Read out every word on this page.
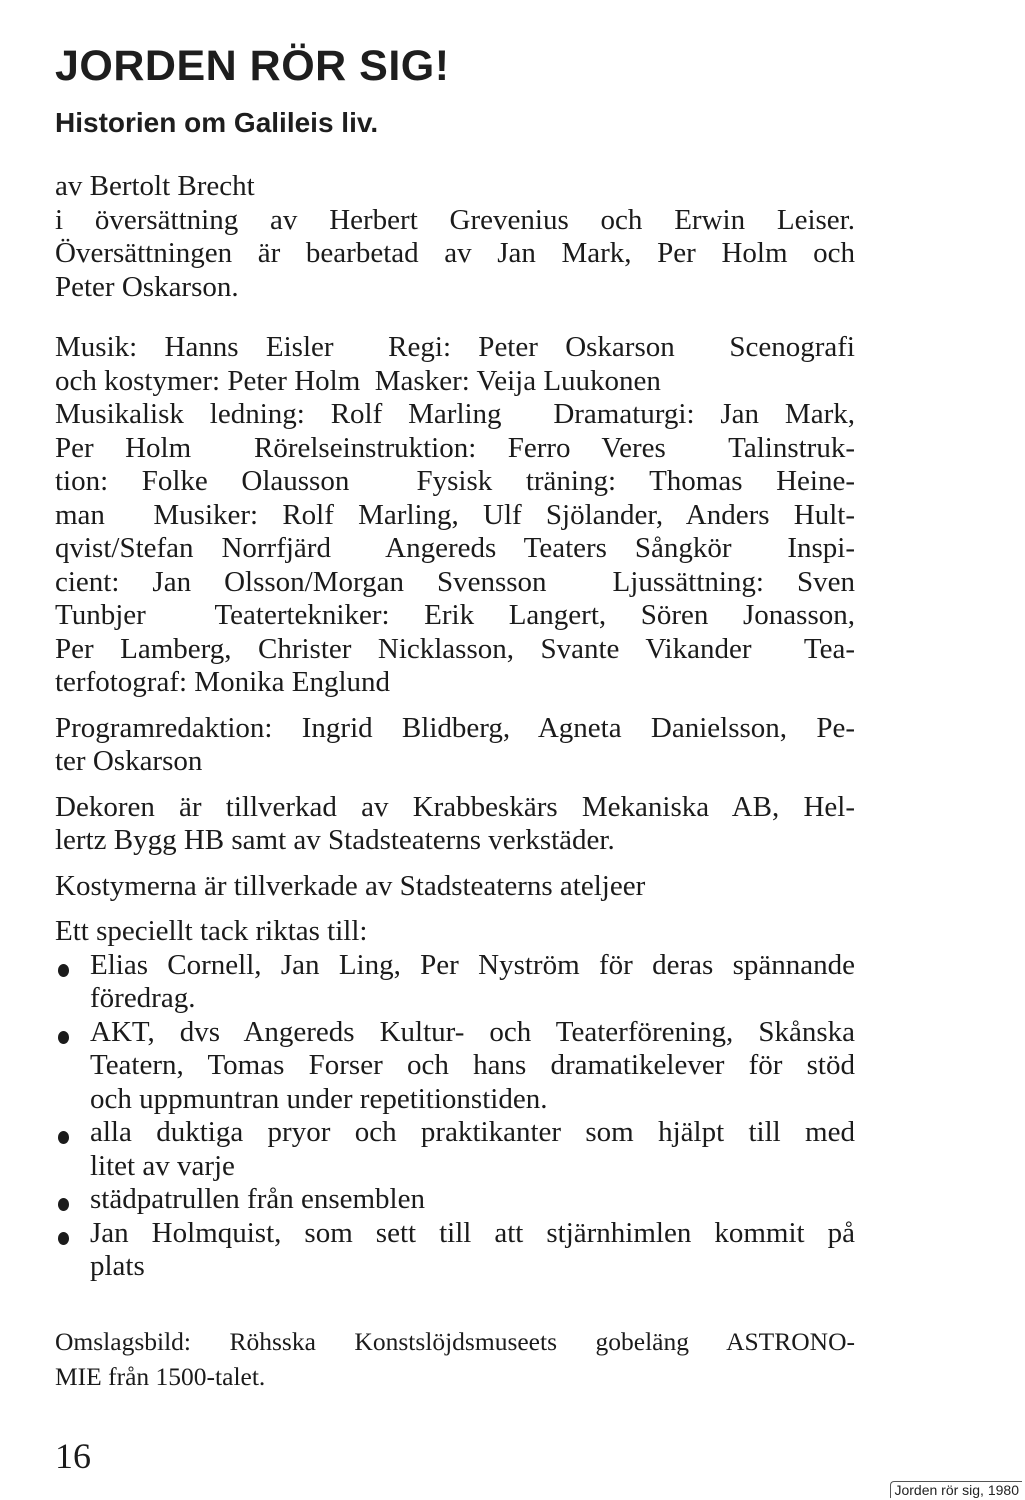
JORDEN RÖR SIG!
Historien om Galileis liv.
av Bertolt Brecht
i översättning av Herbert Grevenius och Erwin Leiser.
Översättningen är bearbetad av Jan Mark, Per Holm och
Peter Oskarson.
Musik: Hanns Eisler  Regi: Peter Oskarson  Scenografi
och kostymer: Peter Holm  Masker: Veija Luukonen
Musikalisk ledning: Rolf Marling  Dramaturgi: Jan Mark,
Per Holm  Rörelseinstruktion: Ferro Veres  Talinstruk-
tion: Folke Olausson  Fysisk träning: Thomas Heine-
man  Musiker: Rolf Marling, Ulf Sjölander, Anders Hult-
qvist/Stefan Norrfjärd  Angereds Teaters Sångkör  Inspi-
cient: Jan Olsson/Morgan Svensson  Ljussättning: Sven
Tunbjer  Teatertekniker: Erik Langert, Sören Jonasson,
Per Lamberg, Christer Nicklasson, Svante Vikander  Tea-
terfotograf: Monika Englund
Programredaktion: Ingrid Blidberg, Agneta Danielsson, Pe-
ter Oskarson
Dekoren är tillverkad av Krabbeskärs Mekaniska AB, Hel-
lertz Bygg HB samt av Stadsteaterns verkstäder.
Kostymerna är tillverkade av Stadsteaterns ateljeer
Ett speciellt tack riktas till:
Elias Cornell, Jan Ling, Per Nyström för deras spännande
föredrag.
AKT, dvs Angereds Kultur- och Teaterförening, Skånska
Teatern, Tomas Forser och hans dramatikelever för stöd
och uppmuntran under repetitionstiden.
alla duktiga pryor och praktikanter som hjälpt till med
litet av varje
städpatrullen från ensemblen
Jan Holmquist, som sett till att stjärnhimlen kommit på
plats
Omslagsbild: Röhsska Konstslöjdsmuseets gobeläng ASTRONO-
MIE från 1500-talet.
16
Jorden rör sig, 1980
